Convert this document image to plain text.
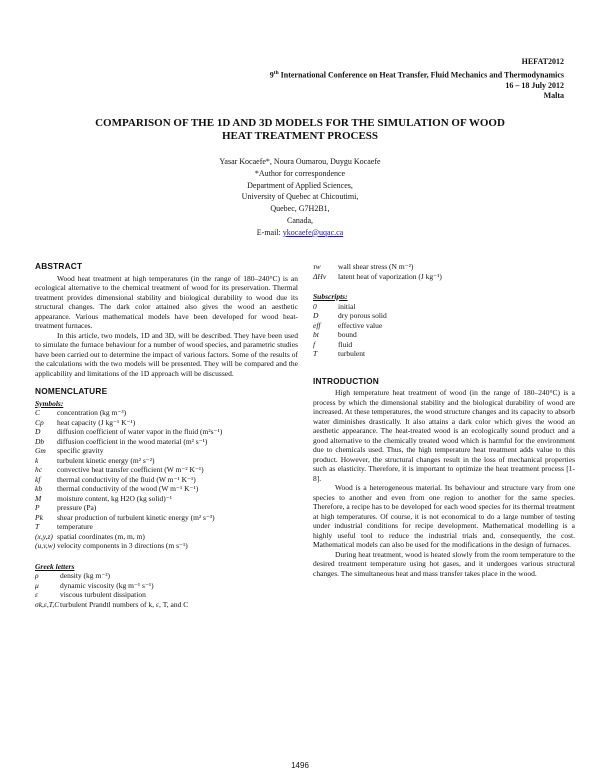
HEFAT2012
9th International Conference on Heat Transfer, Fluid Mechanics and Thermodynamics
16 – 18 July 2012
Malta
COMPARISON OF THE 1D AND 3D MODELS FOR THE SIMULATION OF WOOD
HEAT TREATMENT PROCESS
Yasar Kocaefe*, Noura Oumarou, Duygu Kocaefe
*Author for correspondence
Department of Applied Sciences,
University of Quebec at Chicoutimi,
Quebec, G7H2B1,
Canada,
E-mail: ykocaefe@uqac.ca
ABSTRACT

Wood heat treatment at high temperatures (in the range of 180–240°C) is an ecological alternative to the chemical treatment of wood for its preservation. Thermal treatment provides dimensional stability and biological durability to wood due its structural changes. The dark color attained also gives the wood an aesthetic appearance. Various mathematical models have been developed for wood heat-treatment furnaces.

In this article, two models, 1D and 3D, will be described. They have been used to simulate the furnace behaviour for a number of wood species, and parametric studies have been carried out to determine the impact of various factors. Some of the results of the calculations with the two models will be presented. They will be compared and the applicability and limitations of the 1D approach will be discussed.

NOMENCLATURE
Symbols:
C	concentration (kg m⁻³)
Cp	heat capacity (J kg⁻¹ K⁻¹)
D	diffusion coefficient of water vapor in the fluid (m²s⁻¹)
Db	diffusion coefficient in the wood material (m² s⁻¹)
Gm	specific gravity
k	turbulent kinetic energy (m² s⁻²)
hc	convective heat transfer coefficient (W m⁻² K⁻¹)
kf	thermal conductivity of the fluid (W m⁻¹ K⁻¹)
kb	thermal conductivity of the wood (W m⁻¹ K⁻¹)
M	moisture content, kg H2O (kg solid)⁻¹
P	pressure (Pa)
Pk	shear production of turbulent kinetic energy (m² s⁻³)
T	temperature
(x,y,z) spatial coordinates (m, m, m)
(u,v,w) velocity components in 3 directions (m s⁻¹)
Greek letters
ρ	density (kg m⁻³)
μ	dynamic viscosity (kg m⁻¹ s⁻¹)
ε	viscous turbulent dissipation
σk,ε,T,C turbulent Prandtl numbers of k, ε, T, and C
τw	wall shear stress (N m⁻²)
ΔHv	latent heat of vaporization (J kg⁻¹)
Subscripts:
0	initial
D	dry porous solid
eff	effective value
bt	bound
f	fluid
T	turbulent
INTRODUCTION

High temperature heat treatment of wood (in the range of 180–240°C) is a process by which the dimensional stability and the biological durability of wood are increased. At these temperatures, the wood structure changes and its capacity to absorb water diminishes drastically. It also attains a dark color which gives the wood an aesthetic appearance. The heat-treated wood is an ecologically sound product and a good alternative to the chemically treated wood which is harmful for the environment due to chemicals used. Thus, the high temperature heat treatment adds value to this product. However, the structural changes result in the loss of mechanical properties such as elasticity. Therefore, it is important to optimize the heat treatment process [1-8].

Wood is a heterogeneous material. Its behaviour and structure vary from one species to another and even from one region to another for the same species. Therefore, a recipe has to be developed for each wood species for its thermal treatment at high temperatures. Of course, it is not economical to do a large number of testing under industrial conditions for recipe development. Mathematical modelling is a highly useful tool to reduce the industrial trials and, consequently, the cost. Mathematical models can also be used for the modifications in the design of furnaces.

During heat treatment, wood is heated slowly from the room temperature to the desired treatment temperature using hot gases, and it undergoes various structural changes. The simultaneous heat and mass transfer takes place in the wood.

1496
